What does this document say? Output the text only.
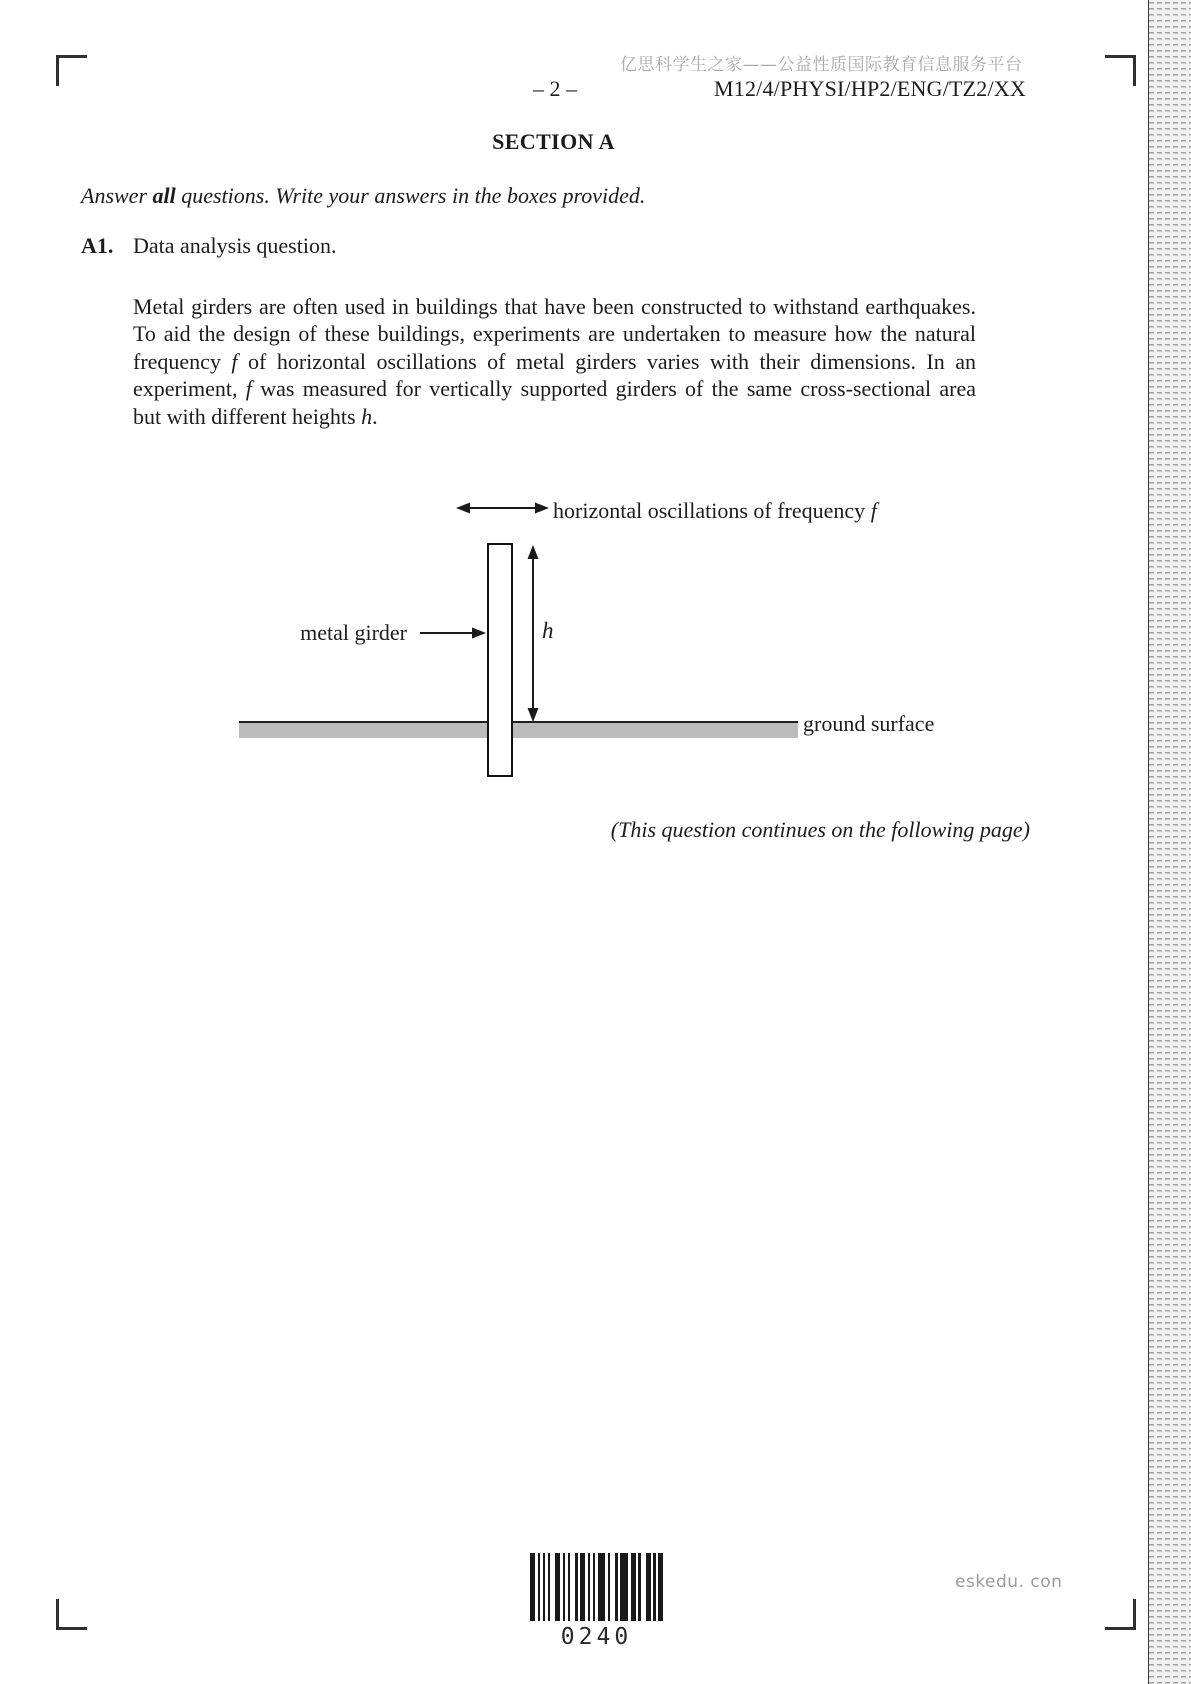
亿思科学生之家——公益性质国际教育信息服务平台
– 2 –	M12/4/PHYSI/HP2/ENG/TZ2/XX
SECTION A
Answer all questions. Write your answers in the boxes provided.
A1. Data analysis question.

Metal girders are often used in buildings that have been constructed to withstand earthquakes. To aid the design of these buildings, experiments are undertaken to measure how the natural frequency f of horizontal oscillations of metal girders varies with their dimensions. In an experiment, f was measured for vertically supported girders of the same cross-sectional area but with different heights h.

horizontal oscillations of frequency f
metal girder	h
ground surface
(This question continues on the following page)
0240
eskedu. con
